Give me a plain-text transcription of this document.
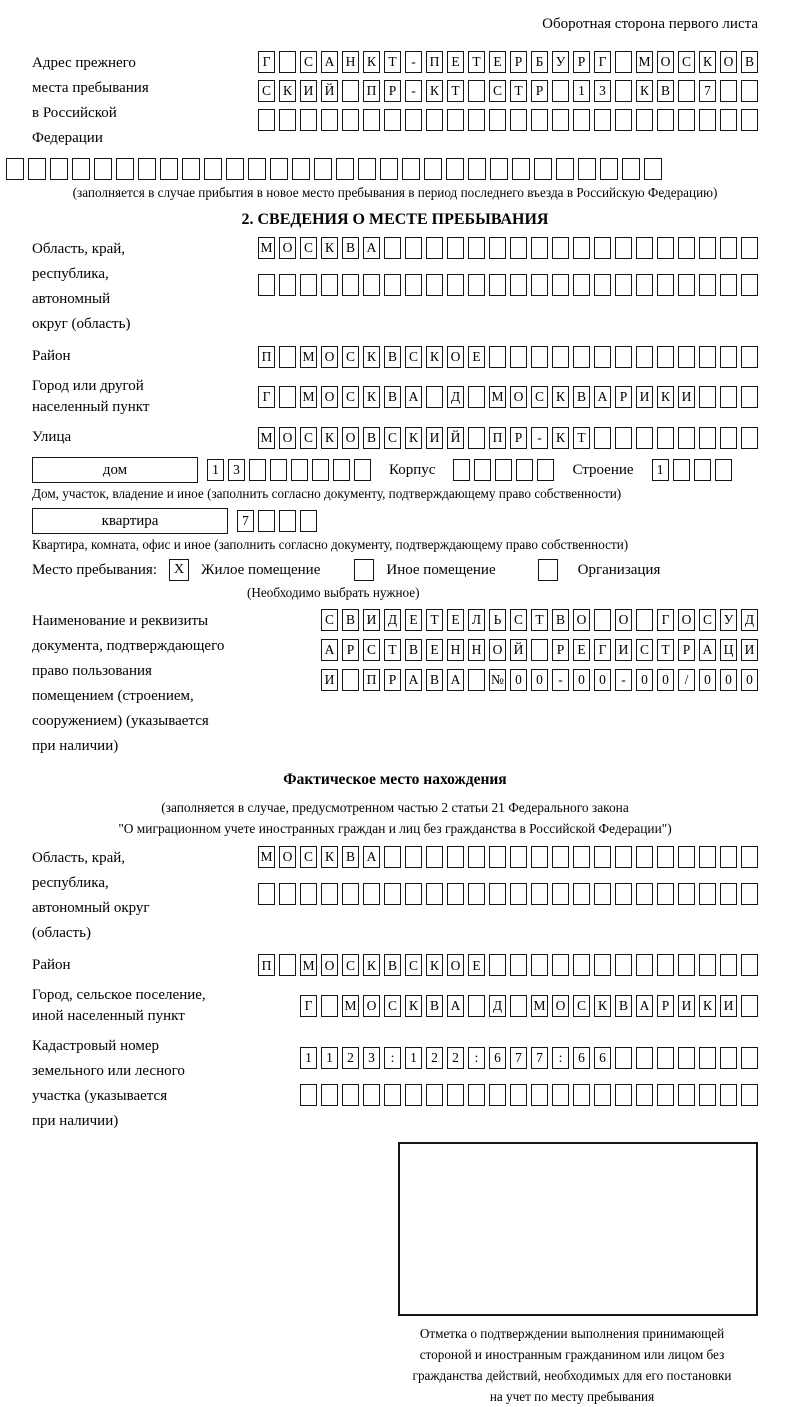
Оборотная сторона первого листа
Адрес прежнего
места пребывания
в Российской
Федерации
Г	С А Н К Т	-	П Е Т Е Р Б У Р Г	М О С К О В
С К И Й П Р	-	К Т	С Т Р	1	3	К В	7
(заполняется в случае прибытия в новое место пребывания в период последнего въезда в Российскую Федерацию)
2. СВЕДЕНИЯ О МЕСТЕ ПРЕБЫВАНИЯ
Область, край,
республика,
автономный
округ (область)
М О С К В А
Район	П М О С К В С К О Е
Город или другой
населенный пункт
Г	М О С К В А Д М О С К В А Р И К И
Улица	М О С К О В С К И Й П Р	-	К Т
дом	1	3	Корпус	Строение	1
Дом, участок, владение и иное (заполнить согласно документу, подтверждающему право собственности)
квартира	7
Квартира, комната, офис и иное (заполнить согласно документу, подтверждающему право собственности)
Место пребывания:	X	Жилое помещение	Иное помещение	Организация
(Необходимо выбрать нужное)
Наименование и реквизиты
документа, подтверждающего
право пользования
помещением (строением,
сооружением) (указывается
при наличии)
С В И Д Е Т Е Л Ь С Т В О О	Г О С У Д
А Р С Т В Е Н Н О Й	Р Е Г И С Т Р А Ц И
И П Р А В А № 0	0	-	0	0	-	0	0	/	0	0	0
Фактическое место нахождения
(заполняется в случае, предусмотренном частью 2 статьи 21 Федерального закона
"О миграционном учете иностранных граждан и лиц без гражданства в Российской Федерации")
Область, край,
республика,
автономный округ
(область)
М О С К В А
Район	П М О С К В С К О Е
Город, сельское поселение,
иной населенный пункт
Г	М О С К В А Д М О С К В А Р И К И
Кадастровый номер
земельного или лесного
участка (указывается
при наличии)
1	1	2	3	:	1	2	2	:	6	7	7	:	6	6
Отметка о подтверждении выполнения принимающей
стороной и иностранным гражданином или лицом без
гражданства действий, необходимых для его постановки
на учет по месту пребывания
